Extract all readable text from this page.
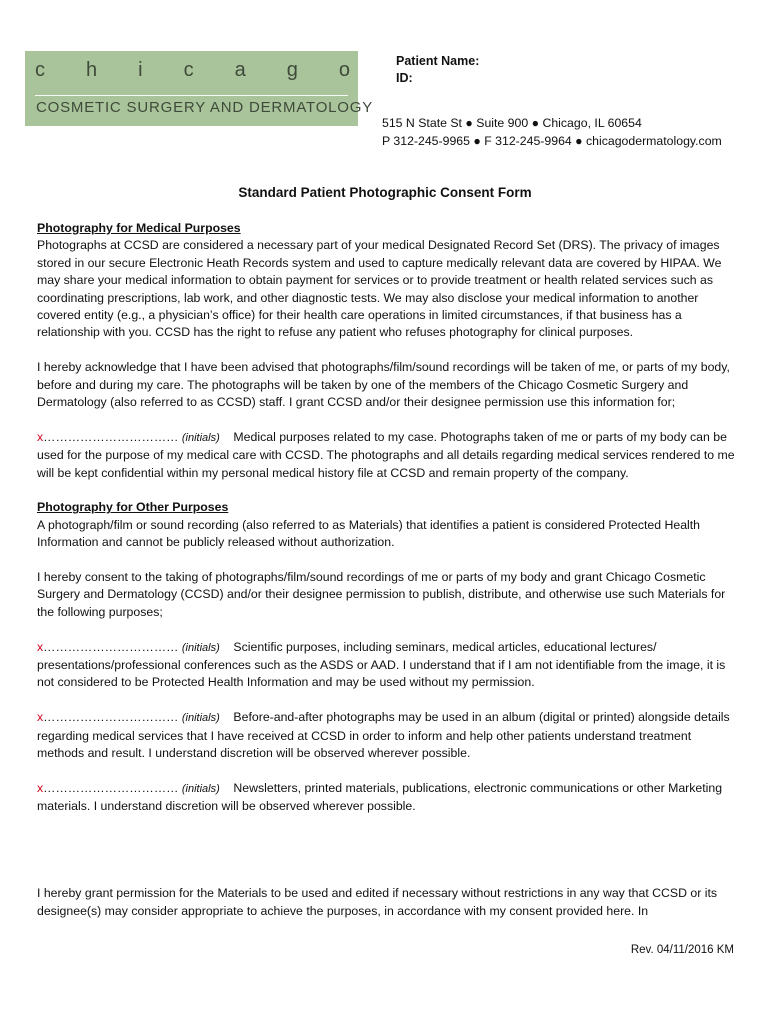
c h i c a g o
COSMETIC SURGERY AND DERMATOLOGY
Patient Name:
ID:
515 N State St ● Suite 900 ● Chicago, IL 60654
P 312-245-9965 ● F 312-245-9964 ● chicagodermatology.com
Standard Patient Photographic Consent Form

Photography for Medical Purposes
Photographs at CCSD are considered a necessary part of your medical Designated Record Set (DRS). The privacy of images stored in our secure Electronic Heath Records system and used to capture medically relevant data are covered by HIPAA. We may share your medical information to obtain payment for services or to provide treatment or health related services such as coordinating prescriptions, lab work, and other diagnostic tests. We may also disclose your medical information to another covered entity (e.g., a physician’s office) for their health care operations in limited circumstances, if that business has a relationship with you. CCSD has the right to refuse any patient who refuses photography for clinical purposes.

I hereby acknowledge that I have been advised that photographs/film/sound recordings will be taken of me, or parts of my body, before and during my care. The photographs will be taken by one of the members of the Chicago Cosmetic Surgery and Dermatology (also referred to as CCSD) staff. I grant CCSD and/or their designee permission use this information for;

x…………………………… (initials) Medical purposes related to my case. Photographs taken of me or parts of my body can be used for the purpose of my medical care with CCSD. The photographs and all details regarding medical services rendered to me will be kept confidential within my personal medical history file at CCSD and remain property of the company.

Photography for Other Purposes
A photograph/film or sound recording (also referred to as Materials) that identifies a patient is considered Protected Health Information and cannot be publicly released without authorization.

I hereby consent to the taking of photographs/film/sound recordings of me or parts of my body and grant Chicago Cosmetic Surgery and Dermatology (CCSD) and/or their designee permission to publish, distribute, and otherwise use such Materials for the following purposes;

x…………………………… (initials) Scientific purposes, including seminars, medical articles, educational lectures/ presentations/professional conferences such as the ASDS or AAD. I understand that if I am not identifiable from the image, it is not considered to be Protected Health Information and may be used without my permission.

x…………………………… (initials) Before-and-after photographs may be used in an album (digital or printed) alongside details regarding medical services that I have received at CCSD in order to inform and help other patients understand treatment methods and result. I understand discretion will be observed wherever possible.

x…………………………… (initials) Newsletters, printed materials, publications, electronic communications or other Marketing materials. I understand discretion will be observed wherever possible.

I hereby grant permission for the Materials to be used and edited if necessary without restrictions in any way that CCSD or its designee(s) may consider appropriate to achieve the purposes, in accordance with my consent provided here. In

Rev. 04/11/2016 KM
